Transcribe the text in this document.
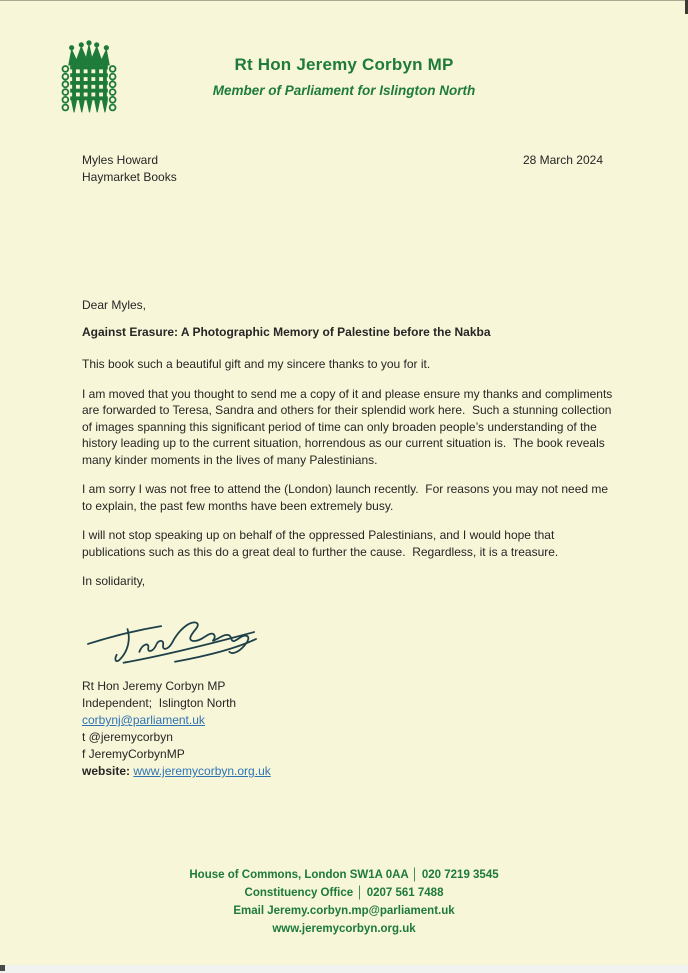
Rt Hon Jeremy Corbyn MP
Member of Parliament for Islington North
Myles Howard
Haymarket Books
28 March 2024

Dear Myles,

Against Erasure: A Photographic Memory of Palestine before the Nakba

This book such a beautiful gift and my sincere thanks to you for it.

I am moved that you thought to send me a copy of it and please ensure my thanks and compliments are forwarded to Teresa, Sandra and others for their splendid work here.  Such a stunning collection of images spanning this significant period of time can only broaden people’s understanding of the history leading up to the current situation, horrendous as our current situation is.  The book reveals many kinder moments in the lives of many Palestinians.

I am sorry I was not free to attend the (London) launch recently.  For reasons you may not need me to explain, the past few months have been extremely busy.

I will not stop speaking up on behalf of the oppressed Palestinians, and I would hope that publications such as this do a great deal to further the cause.  Regardless, it is a treasure.

In solidarity,

Rt Hon Jeremy Corbyn MP
Independent;  Islington North
corbynj@parliament.uk
t @jeremycorbyn
f JeremyCorbynMP
website: www.jeremycorbyn.org.uk
House of Commons, London SW1A 0AA │ 020 7219 3545
Constituency Office │ 0207 561 7488
Email Jeremy.corbyn.mp@parliament.uk
www.jeremycorbyn.org.uk
